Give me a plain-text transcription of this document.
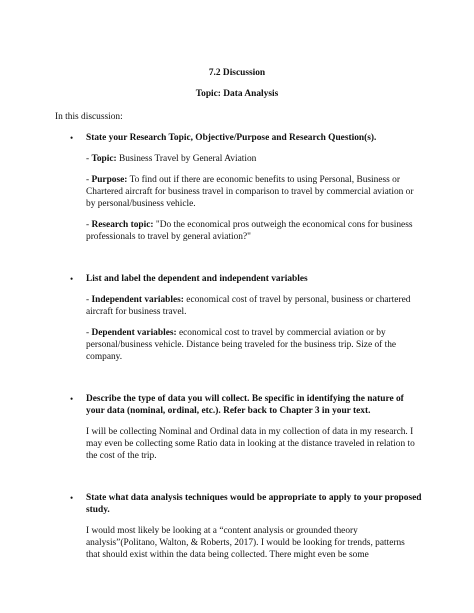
7.2 Discussion
Topic: Data Analysis
In this discussion:
• State your Research Topic, Objective/Purpose and Research Question(s).
- Topic: Business Travel by General Aviation
- Purpose: To find out if there are economic benefits to using Personal, Business or
Chartered aircraft for business travel in comparison to travel by commercial aviation or
by personal/business vehicle.
- Research topic: "Do the economical pros outweigh the economical cons for business
professionals to travel by general aviation?"
• List and label the dependent and independent variables
- Independent variables: economical cost of travel by personal, business or chartered
aircraft for business travel.
- Dependent variables: economical cost to travel by commercial aviation or by
personal/business vehicle. Distance being traveled for the business trip. Size of the
company.
• Describe the type of data you will collect. Be specific in identifying the nature of
your data (nominal, ordinal, etc.). Refer back to Chapter 3 in your text.
I will be collecting Nominal and Ordinal data in my collection of data in my research. I
may even be collecting some Ratio data in looking at the distance traveled in relation to
the cost of the trip.
• State what data analysis techniques would be appropriate to apply to your proposed
study.
I would most likely be looking at a “content analysis or grounded theory
analysis”(Politano, Walton, & Roberts, 2017). I would be looking for trends, patterns
that should exist within the data being collected. There might even be some
